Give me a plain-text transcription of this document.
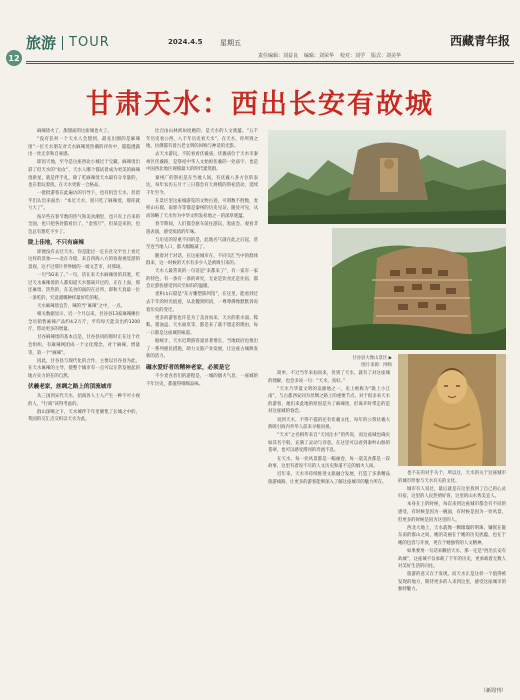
12
旅游 TOUR	2024.4.5 星期五	西藏青年报
责任编辑：刘益良 编辑：刘荣华 校对：刘学 版式：刘美华
甘肃天水：西出长安有故城

麻辣烫火了，甜甜面的这座城也火了。

“没有任何一个天水人会想到，最先出圈的是麻辣烫”一位天水朋友对天水麻辣烫热潮的评价中，隐隐透露出一丝无奈和自豪感。

即因天地，至今是这座西北小城过于宝藏，麻辣烫出彩了但天水的“仙女”，天水人哪个都试着成为更美的麻辣烫新星，就是伴手礼，除了吃麻辣烫天水最有分享量的，也在着玩着找，在天水更新一合格品。

一批批游客在此遍访的引导下，也有机会天水、但留乎们认出来面出：“本过天水，别只吃了麻辣烫，那你就亏大了”。

按早些在春节数的热气和美食潮里，也只有上百来的全国，也只把各处都看出了，“金客厅”，但某是来的，也会总有想吃不少了。

陇上佳地，不只有麻辣

即便没有去过天水，你是能过一定在社交平台上看过这样的景象——北在寺窟，来自四海八方的客观视觉游的景观，这不过那片世界级的一场文艺市，对那场。

一句“5G来了。”一句，话在来天水麻辣烫的其底，吃过天水麻辣烫的人都知道天水都离开过的，正在上面，那还麻烫、热热的，在美食的面的在过所，即和天真最一位一条吃的，究竟溜哪种样最好吃的呢。

天水麻辣烫宜告，辣的当“麻辣”之中，一点。

相关数据显示，近一个月以来，甘谷县13家麻辣摊位全员销售麻辣产品约4.2万斤，平均每天能卖出约1200斤，带动更多的增量。

甘谷麻辣烫的基本点是，甘谷县同的那时正在这个社会组织，有麻辣网团成一个文化理念，对于麻辣、增量等，第一个“麻辣”。

因此，甘谷县与现代化的合作，主要以甘谷县为此，在天水麻辣的主导，使整个城市有一点可以正常发展起的地方实力的在的自然。

伏羲老家，丝绸之路上的顶流城市

从三国到宋代天水，招商各人士入产生一种不可小视的人，“行商”该得考虑的。

群山深喉之下，天水城伴千年里聚集了长城之中的，我国的交汇点交织以天水为此。

比百由山林密如度她的，是天水的人文底蕴。“五千年历史看公西，八千年历史看天水”，在天水，你所到之地，仿佛都有着古老文明的回响与神话的光影。

去天水游玩，不防看看伏羲庙，伏羲庙位于天水市秦州区伏羲路，是祭祀中华人文始祖伏羲的一处庙宇，也是中国西北地区规模最大的明代建筑群。

秦州广的祭祀是在当地人间，有伏羲八卦方位的表达，每年农历五月十三日都会有大规模的祭祀活动，延续千年至今。

在景区里这座城游览的文物古迹，可谓数不胜数，麦积山石窟、南郭寺等都是秦州的历史见证，随处可见，从而领略了天水作为中华文明发祥地之一的深厚底蕴。

春节期间，人们都会驱车前往游玩、逛庙会、观看非遗表演，感受浓浓的年味。

与历史的厚重不同的是，此地名气就在此之后起，甚至连当地人口，都大幅缩减了。

随着对于对话，在这座城市在、不同交汇当中的群体群来，这一时候的天水有多少人是被吸引来的。

天水人最常说的一句话是“来都来了”，有一家有一家的特色，有一条有一条的讲究，无论是饮食还是住宿，都会让游客感受到宾至如归的温暖。

麦积山石窟是“东方雕塑陈列馆”，在这里，能看到过去千年的时光痕迹，从北魏到明清，一尊尊佛像默默诉说着历史的变迁。

更多的游客也许是为了美食而来，天水的浆水面、呱呱、猪油盒、天水面皮等，都是来了就不想走的理由，每一口都是这座城的味道。

据统计，天水近期游客量显著增长，当地政府也推出了一系列惠民措施，助力文旅产业发展，让这座古城焕发新的活力。

碾水爱好者的精神老家，必须是它

不少麦食者们的游程是，一城的烟火气息，一座城的千年历史，都值得细细品味。

甘谷县大像山景区 ▶
图片来源：网络

简单、不过当年来仙而来，但到了天水，就有了对这座城的理解，也会多说一句：“天水，真好。”

“天水乃华夏文明的发源地之一，史上被称为“陇上小江南”，与古都西安同为丝绸之路上的重要节点。对于很多来天水的游客，他们来此地的原因是为了麻辣烫，但离开时带走的是对这座城的眷恋。

说到天水，不得不提的还有伏羲文化，每年的公祭伏羲大典吸引海内外华人前来寻根问祖。

“天水”之名相传来自“天河注水”的传说，而这座城也确实如其名字般，充满了灵动与诗意。在这里可以看到秦岭山脉的苍翠，也可以感受渭河的奔流不息。

在天水，每一处风景都是一幅画卷，每一道美食都是一段故事，这里有着说不尽的人文历史和道不完的烟火人间。

近年来，天水市持续推进文旅融合发展，打造了多条精品旅游线路，让更多的游客能够深入了解这座城市的魅力所在。

也不在的对手关个，所以这，天水的关于这座城市的城市形象与天水有关的文化。

城市有人说过，最后就是在这里找到了自己的心灵归宿，这里的人民热情好客，这里的山水秀美宜人。

本身在上的时候，每次来到这座城市都会有不同的感受，有时候是因为一碗面，有时候是因为一处风景，但更多的时候是因为这里的人。

西北大地上，天水就像一颗璀璨的明珠，镶嵌在陇东南的群山之间，她的美丽在于她的历史底蕴，也在于她的包容与开放，更在于她独特的人文精神。

如果要用一句话来概括天水，那一定是“西出长安有故城”，这座城不仅承载了千年的历史，更承载着无数人对美好生活的向往。

旅游的意义在于发现，而天水正是这样一个值得被发现的地方，期待更多的人来到这里，感受这座城市的独特魅力。

（新周刊）
